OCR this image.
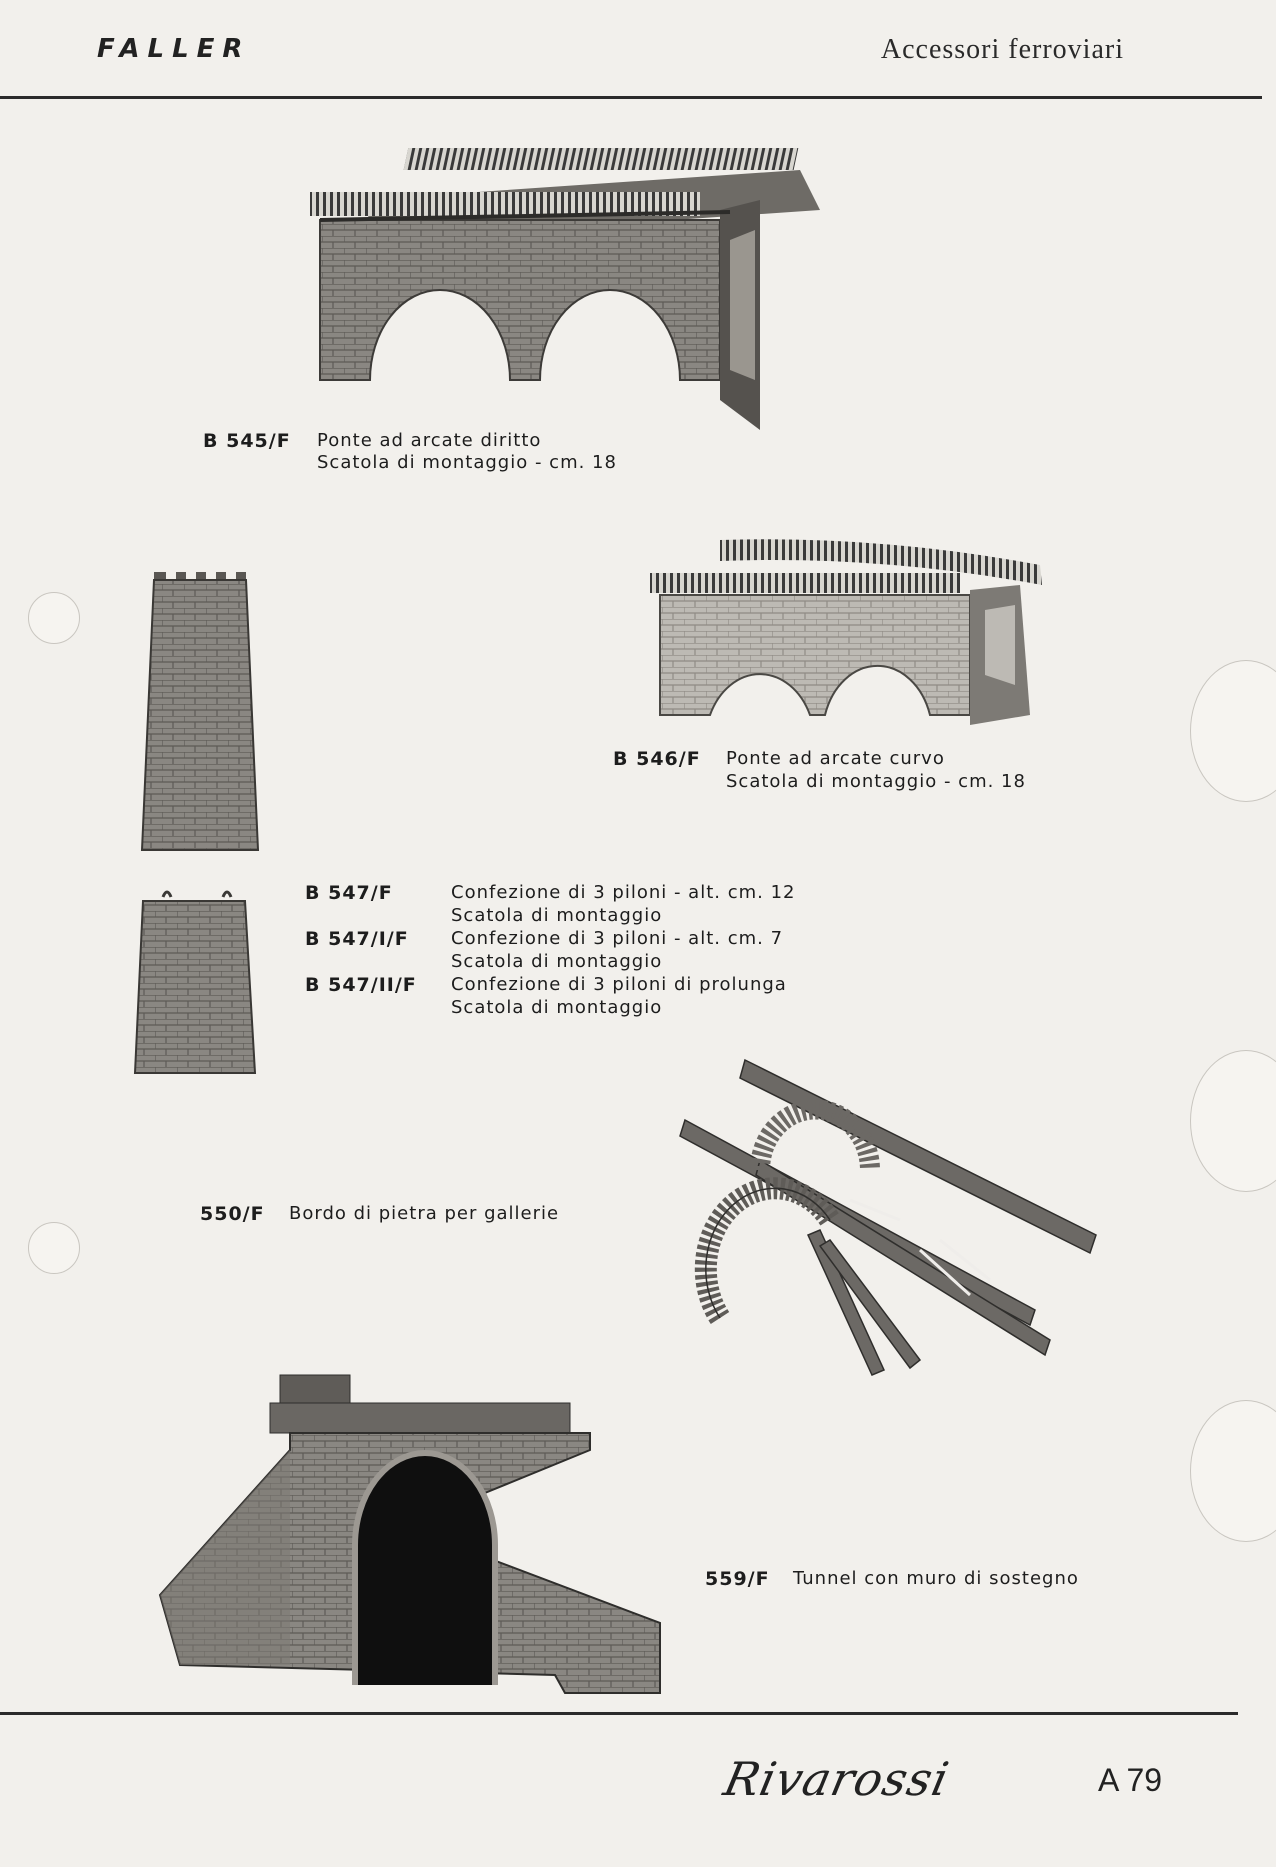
FALLER	Accessori ferroviari
B 545/F Ponte ad arcate diritto
Scatola di montaggio - cm. 18
B 546/F Ponte ad arcate curvo
Scatola di montaggio - cm. 18
B 547/F	Confezione di 3 piloni - alt. cm. 12
Scatola di montaggio
B 547/I/F Confezione di 3 piloni - alt. cm. 7
Scatola di montaggio
B 547/II/F Confezione di 3 piloni di prolunga
Scatola di montaggio
550/F Bordo di pietra per gallerie
559/F Tunnel con muro di sostegno
Rivarossi	A 79
